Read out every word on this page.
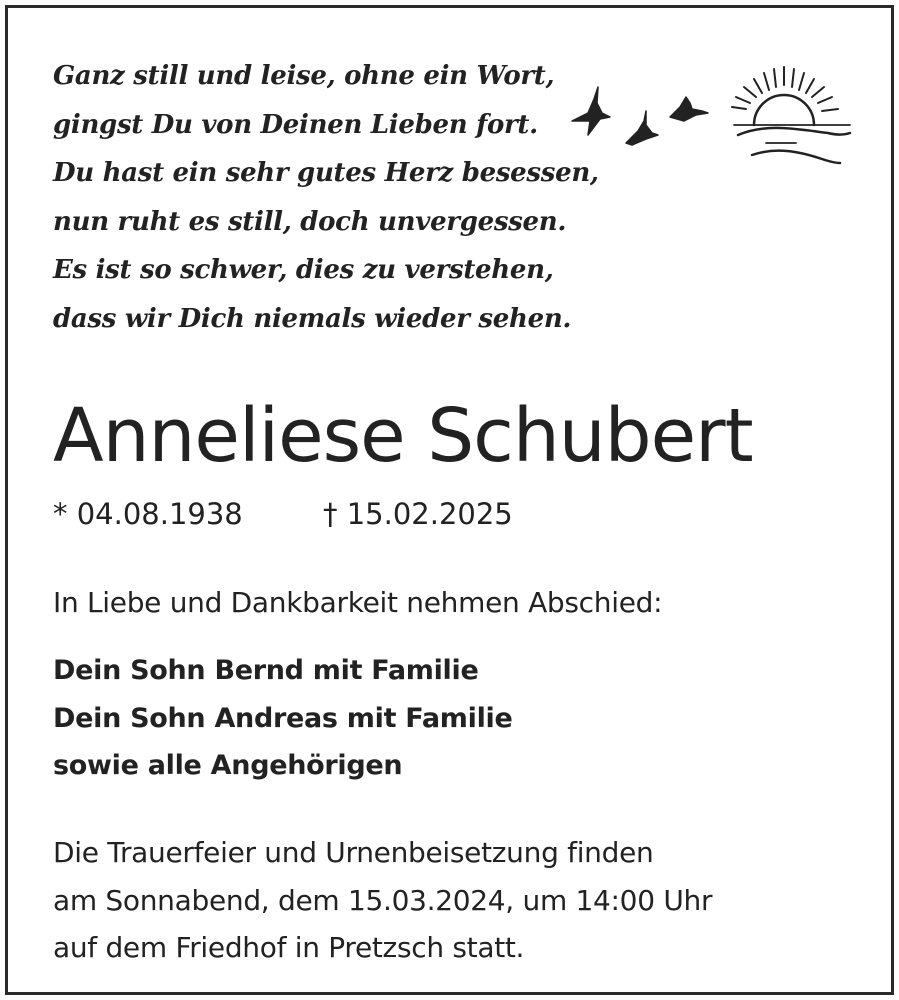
Ganz still und leise, ohne ein Wort,
gingst Du von Deinen Lieben fort.
Du hast ein sehr gutes Herz besessen,
nun ruht es still, doch unvergessen.
Es ist so schwer, dies zu verstehen,
dass wir Dich niemals wieder sehen.
Anneliese Schubert
* 04.08.1938	† 15.02.2025
In Liebe und Dankbarkeit nehmen Abschied:
Dein Sohn Bernd mit Familie
Dein Sohn Andreas mit Familie
sowie alle Angehörigen
Die Trauerfeier und Urnenbeisetzung finden
am Sonnabend, dem 15.03.2024, um 14:00 Uhr
auf dem Friedhof in Pretzsch statt.
